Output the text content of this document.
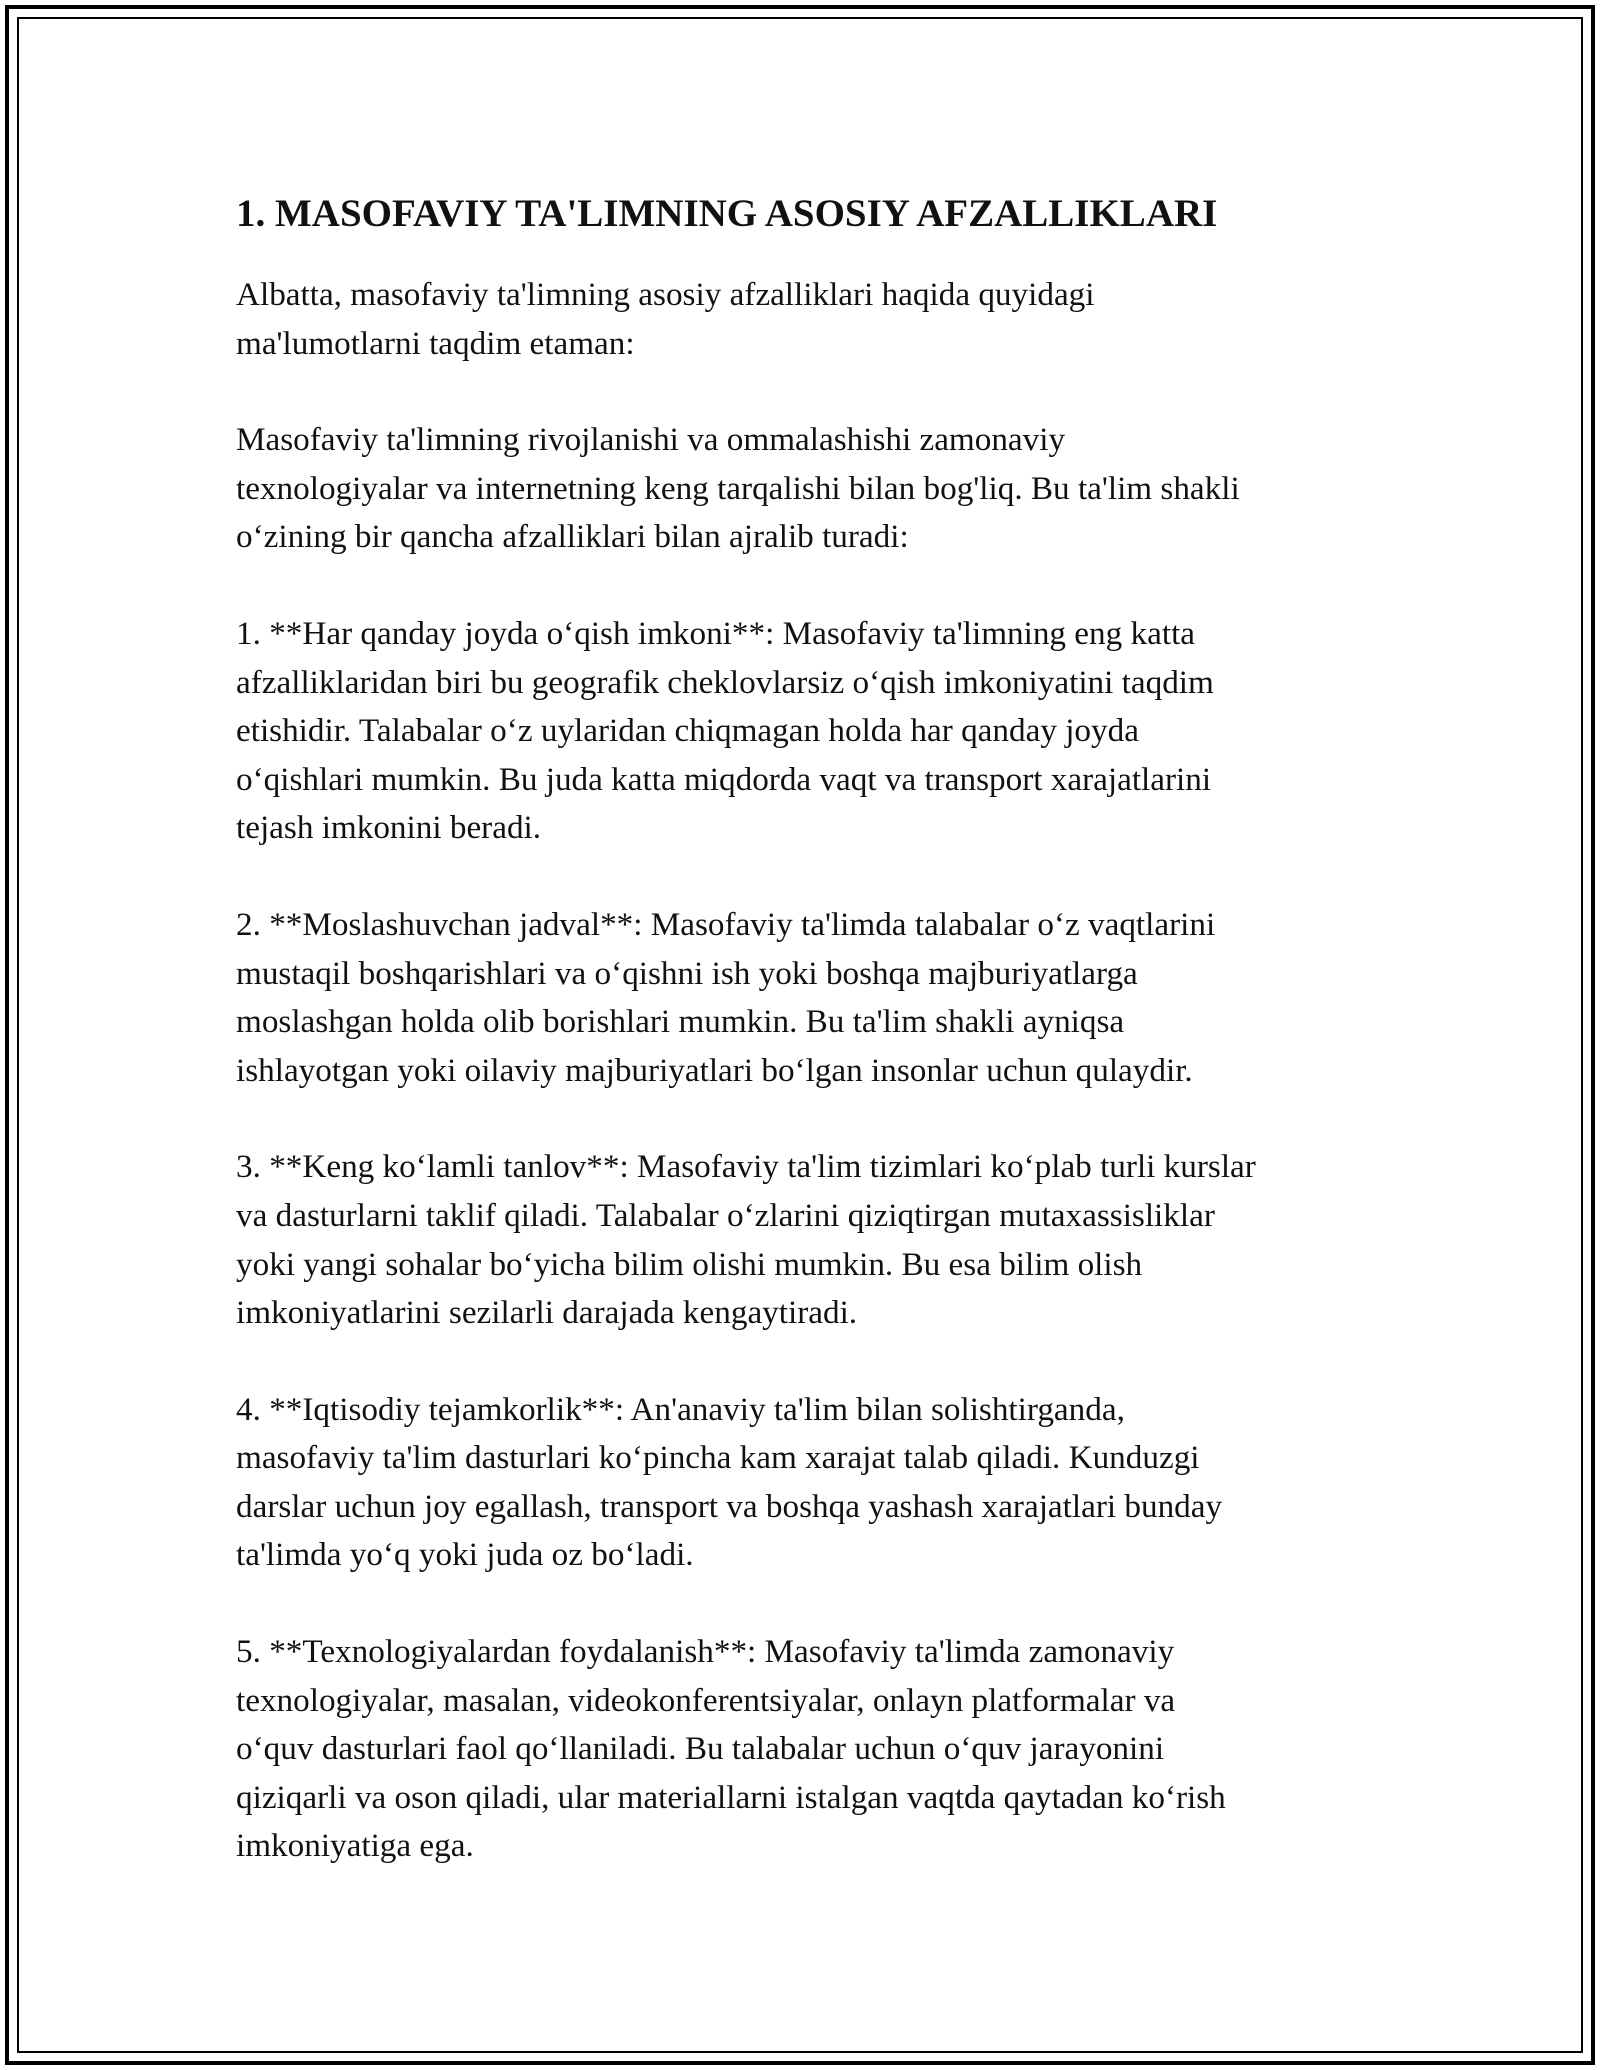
1. MASOFAVIY TA'LIMNING ASOSIY AFZALLIKLARI

Albatta, masofaviy ta'limning asosiy afzalliklari haqida quyidagi
ma'lumotlarni taqdim etaman:

Masofaviy ta'limning rivojlanishi va ommalashishi zamonaviy
texnologiyalar va internetning keng tarqalishi bilan bog'liq. Bu ta'lim shakli
o‘zining bir qancha afzalliklari bilan ajralib turadi:

1. **Har qanday joyda o‘qish imkoni**: Masofaviy ta'limning eng katta
afzalliklaridan biri bu geografik cheklovlarsiz o‘qish imkoniyatini taqdim
etishidir. Talabalar o‘z uylaridan chiqmagan holda har qanday joyda
o‘qishlari mumkin. Bu juda katta miqdorda vaqt va transport xarajatlarini
tejash imkonini beradi.

2. **Moslashuvchan jadval**: Masofaviy ta'limda talabalar o‘z vaqtlarini
mustaqil boshqarishlari va o‘qishni ish yoki boshqa majburiyatlarga
moslashgan holda olib borishlari mumkin. Bu ta'lim shakli ayniqsa
ishlayotgan yoki oilaviy majburiyatlari bo‘lgan insonlar uchun qulaydir.

3. **Keng ko‘lamli tanlov**: Masofaviy ta'lim tizimlari ko‘plab turli kurslar
va dasturlarni taklif qiladi. Talabalar o‘zlarini qiziqtirgan mutaxassisliklar
yoki yangi sohalar bo‘yicha bilim olishi mumkin. Bu esa bilim olish
imkoniyatlarini sezilarli darajada kengaytiradi.

4. **Iqtisodiy tejamkorlik**: An'anaviy ta'lim bilan solishtirganda,
masofaviy ta'lim dasturlari ko‘pincha kam xarajat talab qiladi. Kunduzgi
darslar uchun joy egallash, transport va boshqa yashash xarajatlari bunday
ta'limda yo‘q yoki juda oz bo‘ladi.

5. **Texnologiyalardan foydalanish**: Masofaviy ta'limda zamonaviy
texnologiyalar, masalan, videokonferentsiyalar, onlayn platformalar va
o‘quv dasturlari faol qo‘llaniladi. Bu talabalar uchun o‘quv jarayonini
qiziqarli va oson qiladi, ular materiallarni istalgan vaqtda qaytadan ko‘rish
imkoniyatiga ega.
